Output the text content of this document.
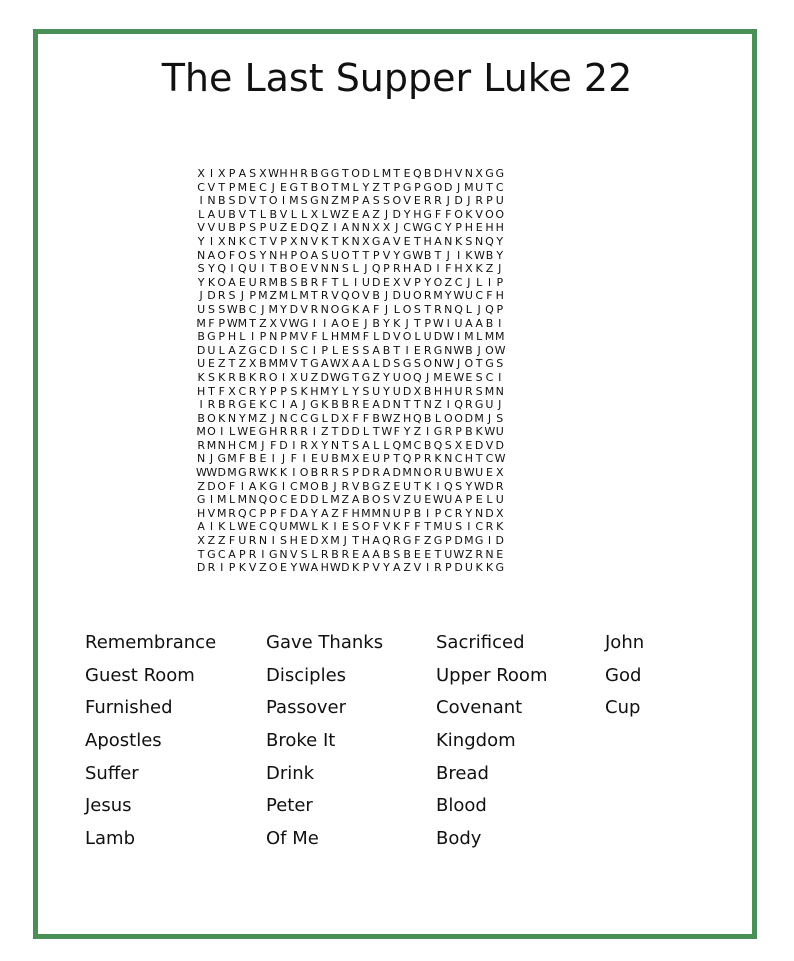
The Last Supper Luke 22
X I X P A S X W H H R B G G T O D L M T E Q B D H V N X G G
C V T P M E C J E G T B O T M L Y Z T P G P G O D J M U T C
I N B S D V T O I M S G N Z M P A S S O V E R R J D J R P U
L A U B V T L B V L L X L W Z E A Z J D Y H G F F O K V O O
V V U B P S P U Z E D Q Z I A N N X X J C W G C Y P H E H H
Y I X N K C T V P X N V K T K N X G A V E T H A N K S N Q Y
N A O F O S Y N H P O A S U O T T P V Y G W B T J I K W B Y
S Y Q I Q U I T B O E V N N S L J Q P R H A D I F H X K Z J
Y K O A E U R M B S B R F T L I U D E X V P Y O Z C J L I P
J D R S J P M Z M L M T R V Q O V B J D U O R M Y W U C F H
U S S W B C J M Y D V R N O G K A F J L O S T R N Q L J Q P
M F P W M T Z X V W G I I A O E J B Y K J T P W I U A A B I
B G P H L I P N P M V F L H M M F L D V O L U D W I M L M M
D U L A Z G C D I S C I P L E S S A B T I E R G N W B J O W
U E Z T Z X B M M V T G A W X A A L D S G S O N W J O T G S
K S K R B K R O I X U Z D W G T G Z Y U O Q J M E W E S C I
H T F X C R Y P P S K H M Y L Y S U Y U D X B H H U R S M N
I R B R G E K C I A J G K B B R E A D N T T N Z I Q R G U J
B O K N Y M Z J N C C G L D X F F B W Z H Q B L O O D M J S
M O I L W E G H R R R I Z T D D L T W F Y Z I G R P B K W U
R M N H C M J F D I R X Y N T S A L L Q M C B Q S X E D V D
N J G M F B E I J F I E U B M X E U P T Q P R K N C H T C W
W W D M G R W K K I O B R R S P D R A D M N O R U B W U E X
Z D O F I A K G I C M O B J R V B G Z E U T K I Q S Y W D R
G I M L M N Q O C E D D L M Z A B O S V Z U E W U A P E L U
H V M R Q C P P F D A Y A Z F H M M N U P B I P C R Y N D X
A I K L W E C Q U M W L K I E S O F V K F F T M U S I C R K
X Z Z F U R N I S H E D X M J T H A Q R G F Z G P D M G I D
T G C A P R I G N V S L R B R E A A B S B E E T U W Z R N E
D R I P K V Z O E Y W A H W D K P V Y A Z V I R P D U K K G
Remembrance
Guest Room
Furnished
Apostles
Suffer
Jesus
Lamb
Gave Thanks
Disciples
Passover
Broke It
Drink
Peter
Of Me
Sacrificed
Upper Room
Covenant
Kingdom
Bread
Blood
Body
John
God
Cup
